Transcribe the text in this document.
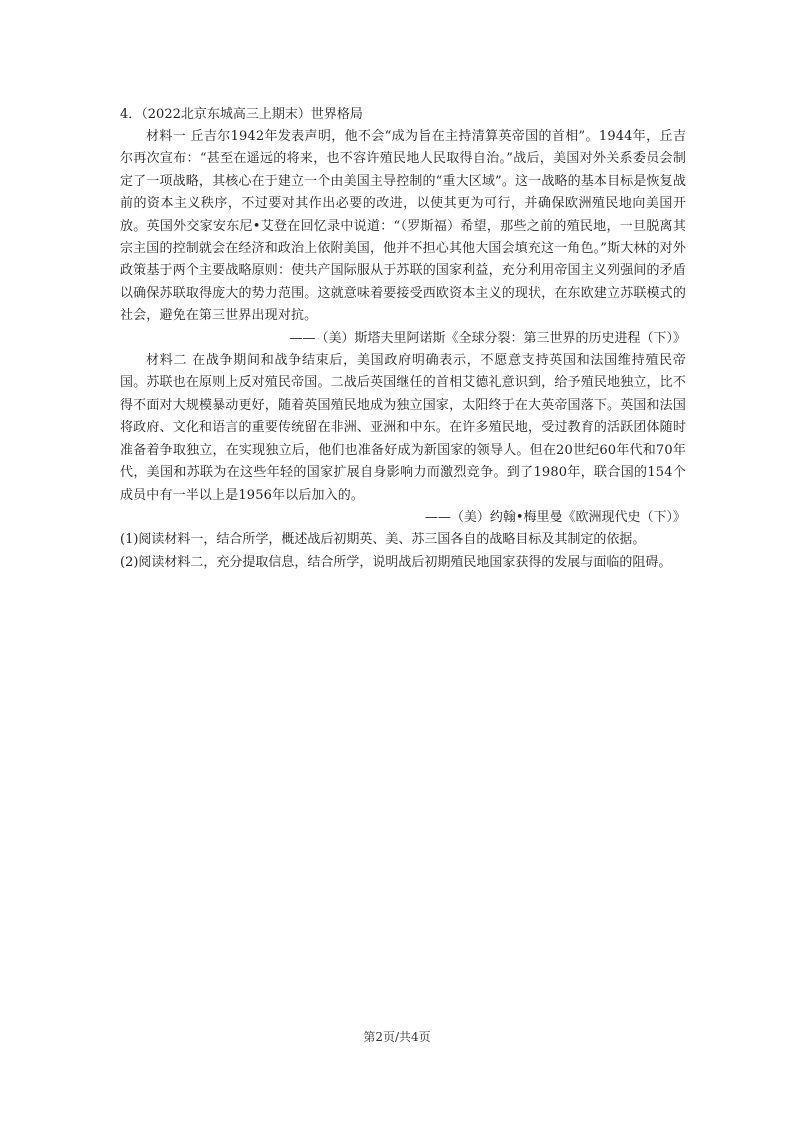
4．（2022北京东城高三上期末）世界格局

材料一 丘吉尔1942年发表声明，他不会“成为旨在主持清算英帝国的首相”。1944年，丘吉尔再次宣布：“甚至在遥远的将来，也不容许殖民地人民取得自治。”战后，美国对外关系委员会制定了一项战略，其核心在于建立一个由美国主导控制的“重大区域”。这一战略的基本目标是恢复战前的资本主义秩序，不过要对其作出必要的改进，以使其更为可行，并确保欧洲殖民地向美国开放。英国外交家安东尼•艾登在回忆录中说道：“（罗斯福）希望，那些之前的殖民地，一旦脱离其宗主国的控制就会在经济和政治上依附美国，他并不担心其他大国会填充这一角色。”斯大林的对外政策基于两个主要战略原则：使共产国际服从于苏联的国家利益，充分利用帝国主义列强间的矛盾以确保苏联取得庞大的势力范围。这就意味着要接受西欧资本主义的现状，在东欧建立苏联模式的社会，避免在第三世界出现对抗。

——（美）斯塔夫里阿诺斯《全球分裂：第三世界的历史进程（下）》

材料二 在战争期间和战争结束后，美国政府明确表示，不愿意支持英国和法国维持殖民帝国。苏联也在原则上反对殖民帝国。二战后英国继任的首相艾德礼意识到，给予殖民地独立，比不得不面对大规模暴动更好，随着英国殖民地成为独立国家，太阳终于在大英帝国落下。英国和法国将政府、文化和语言的重要传统留在非洲、亚洲和中东。在许多殖民地，受过教育的活跃团体随时准备着争取独立，在实现独立后，他们也准备好成为新国家的领导人。但在20世纪60年代和70年代，美国和苏联为在这些年轻的国家扩展自身影响力而激烈竞争。到了1980年，联合国的154个成员中有一半以上是1956年以后加入的。

——（美）约翰•梅里曼《欧洲现代史（下）》

(1)阅读材料一，结合所学，概述战后初期英、美、苏三国各自的战略目标及其制定的依据。

(2)阅读材料二，充分提取信息，结合所学，说明战后初期殖民地国家获得的发展与面临的阻碍。

第2页/共4页
